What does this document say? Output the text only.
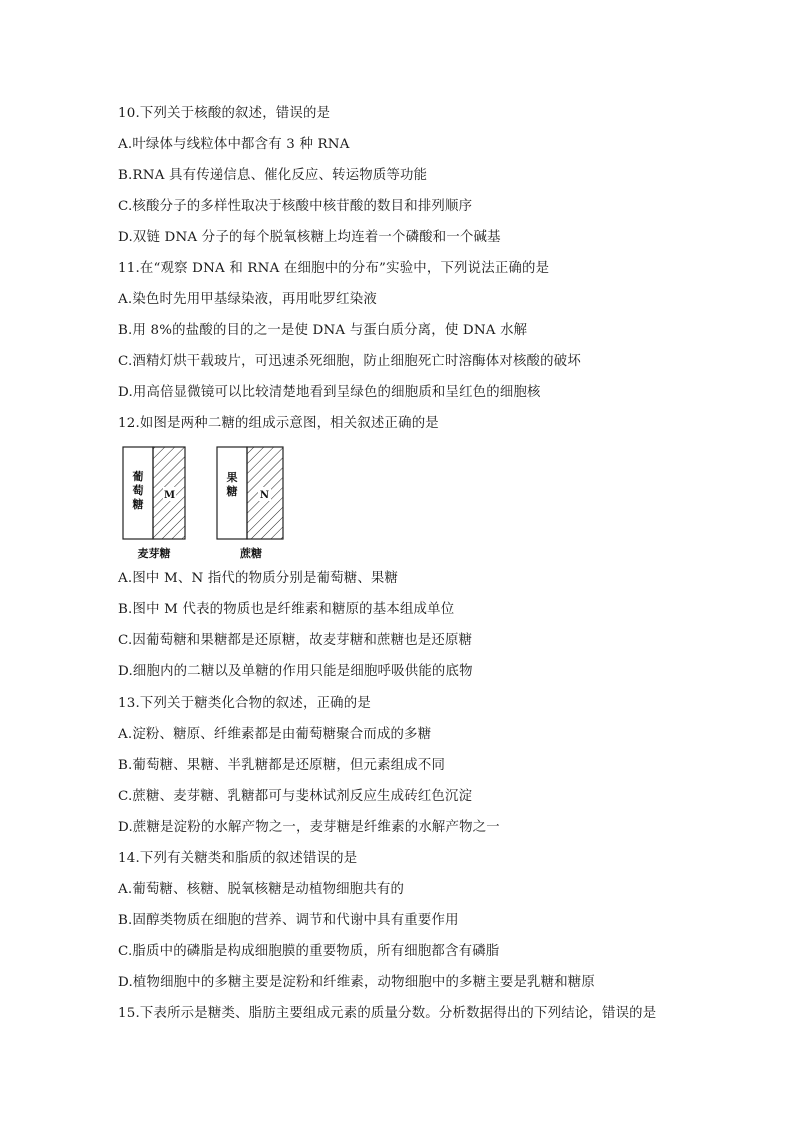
10.下列关于核酸的叙述，错误的是
A.叶绿体与线粒体中都含有 3 种 RNA
B.RNA 具有传递信息、催化反应、转运物质等功能
C.核酸分子的多样性取决于核酸中核苷酸的数目和排列顺序
D.双链 DNA 分子的每个脱氧核糖上均连着一个磷酸和一个碱基
11.在“观察 DNA 和 RNA 在细胞中的分布”实验中，下列说法正确的是
A.染色时先用甲基绿染液，再用吡罗红染液
B.用 8%的盐酸的目的之一是使 DNA 与蛋白质分离，使 DNA 水解
C.酒精灯烘干载玻片，可迅速杀死细胞，防止细胞死亡时溶酶体对核酸的破坏
D.用高倍显微镜可以比较清楚地看到呈绿色的细胞质和呈红色的细胞核
12.如图是两种二糖的组成示意图，相关叙述正确的是
葡
萄
糖
M
麦芽糖
果
糖 N
蔗糖
A.图中 M、N 指代的物质分别是葡萄糖、果糖
B.图中 M 代表的物质也是纤维素和糖原的基本组成单位
C.因葡萄糖和果糖都是还原糖，故麦芽糖和蔗糖也是还原糖
D.细胞内的二糖以及单糖的作用只能是细胞呼吸供能的底物
13.下列关于糖类化合物的叙述，正确的是
A.淀粉、糖原、纤维素都是由葡萄糖聚合而成的多糖
B.葡萄糖、果糖、半乳糖都是还原糖，但元素组成不同
C.蔗糖、麦芽糖、乳糖都可与斐林试剂反应生成砖红色沉淀
D.蔗糖是淀粉的水解产物之一，麦芽糖是纤维素的水解产物之一
14.下列有关糖类和脂质的叙述错误的是
A.葡萄糖、核糖、脱氧核糖是动植物细胞共有的
B.固醇类物质在细胞的营养、调节和代谢中具有重要作用
C.脂质中的磷脂是构成细胞膜的重要物质，所有细胞都含有磷脂
D.植物细胞中的多糖主要是淀粉和纤维素，动物细胞中的多糖主要是乳糖和糖原
15.下表所示是糖类、脂肪主要组成元素的质量分数。分析数据得出的下列结论，错误的是
